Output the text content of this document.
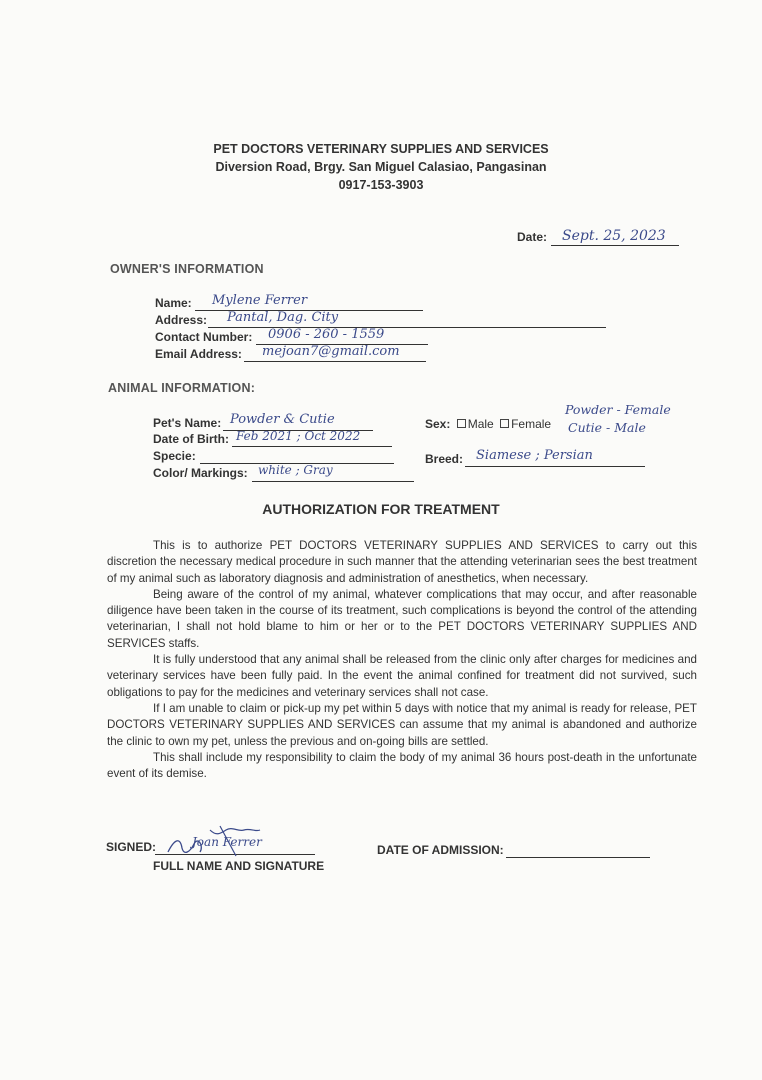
PET DOCTORS VETERINARY SUPPLIES AND SERVICES
Diversion Road, Brgy. San Miguel Calasiao, Pangasinan
0917-153-3903
Date: Sept. 25, 2023
OWNER'S INFORMATION
Name: Mylene Ferrer
Address: Pantal, Dag. City
Contact Number: 0906 - 260 - 1559
Email Address: mejoan7@gmail.com
ANIMAL INFORMATION:
Pet's Name: Powder & Cutie
Date of Birth: Feb 2021 ; Oct 2022
Specie:
Color/ Markings: white ; Gray
Sex: Male Female
Powder - Female
Cutie - Male
Breed: Siamese ; Persian
AUTHORIZATION FOR TREATMENT

This is to authorize PET DOCTORS VETERINARY SUPPLIES AND SERVICES to carry out this discretion the necessary medical procedure in such manner that the attending veterinarian sees the best treatment of my animal such as laboratory diagnosis and administration of anesthetics, when necessary.

Being aware of the control of my animal, whatever complications that may occur, and after reasonable diligence have been taken in the course of its treatment, such complications is beyond the control of the attending veterinarian, I shall not hold blame to him or her or to the PET DOCTORS VETERINARY SUPPLIES AND SERVICES staffs.

It is fully understood that any animal shall be released from the clinic only after charges for medicines and veterinary services have been fully paid. In the event the animal confined for treatment did not survived, such obligations to pay for the medicines and veterinary services shall not case.

If I am unable to claim or pick-up my pet within 5 days with notice that my animal is ready for release, PET DOCTORS VETERINARY SUPPLIES AND SERVICES can assume that my animal is abandoned and authorize the clinic to own my pet, unless the previous and on-going bills are settled.

This shall include my responsibility to claim the body of my animal 36 hours post-death in the unfortunate event of its demise.

SIGNED:	Joan Ferrer
FULL NAME AND SIGNATURE
DATE OF ADMISSION:
